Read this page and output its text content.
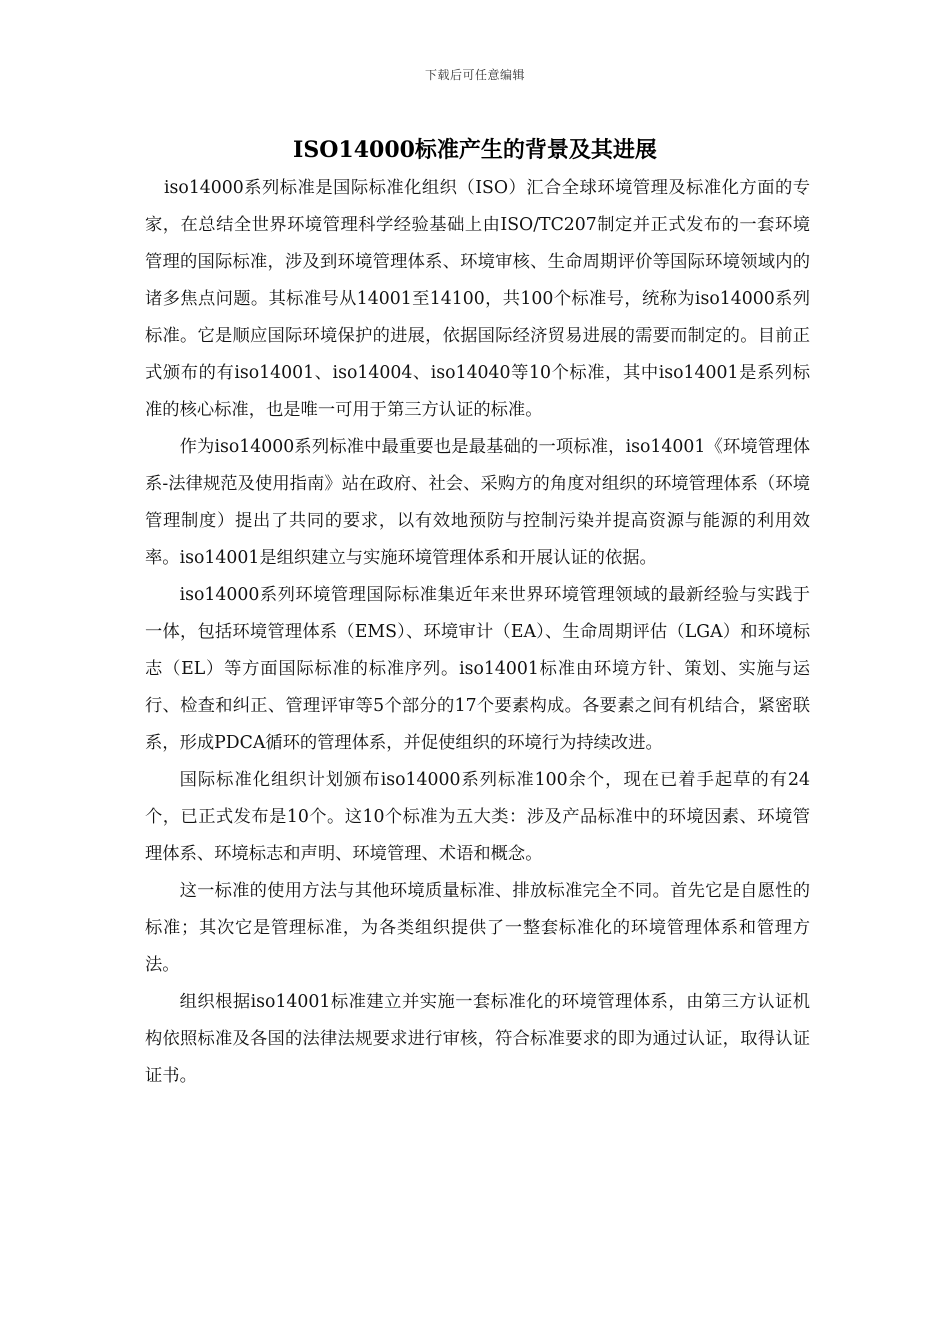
下载后可任意编辑
ISO14000标准产生的背景及其进展

iso14000系列标准是国际标准化组织（ISO）汇合全球环境管理及标准化方面的专家，在总结全世界环境管理科学经验基础上由ISO/TC207制定并正式发布的一套环境管理的国际标准，涉及到环境管理体系、环境审核、生命周期评价等国际环境领域内的诸多焦点问题。其标准号从14001至14100，共100个标准号，统称为iso14000系列标准。它是顺应国际环境保护的进展，依据国际经济贸易进展的需要而制定的。目前正式颁布的有iso14001、iso14004、iso14040等10个标准，其中iso14001是系列标准的核心标准，也是唯一可用于第三方认证的标准。

作为iso14000系列标准中最重要也是最基础的一项标准，iso14001《环境管理体系-法律规范及使用指南》站在政府、社会、采购方的角度对组织的环境管理体系（环境管理制度）提出了共同的要求，以有效地预防与控制污染并提高资源与能源的利用效率。iso14001是组织建立与实施环境管理体系和开展认证的依据。

iso14000系列环境管理国际标准集近年来世界环境管理领域的最新经验与实践于一体，包括环境管理体系（EMS）、环境审计（EA）、生命周期评估（LGA）和环境标志（EL）等方面国际标准的标准序列。iso14001标准由环境方针、策划、实施与运行、检查和纠正、管理评审等5个部分的17个要素构成。各要素之间有机结合，紧密联系，形成PDCA循环的管理体系，并促使组织的环境行为持续改进。

国际标准化组织计划颁布iso14000系列标准100余个，现在已着手起草的有24个，已正式发布是10个。这10个标准为五大类：涉及产品标准中的环境因素、环境管理体系、环境标志和声明、环境管理、术语和概念。

这一标准的使用方法与其他环境质量标准、排放标准完全不同。首先它是自愿性的标准；其次它是管理标准，为各类组织提供了一整套标准化的环境管理体系和管理方法。

组织根据iso14001标准建立并实施一套标准化的环境管理体系，由第三方认证机构依照标准及各国的法律法规要求进行审核，符合标准要求的即为通过认证，取得认证证书。
